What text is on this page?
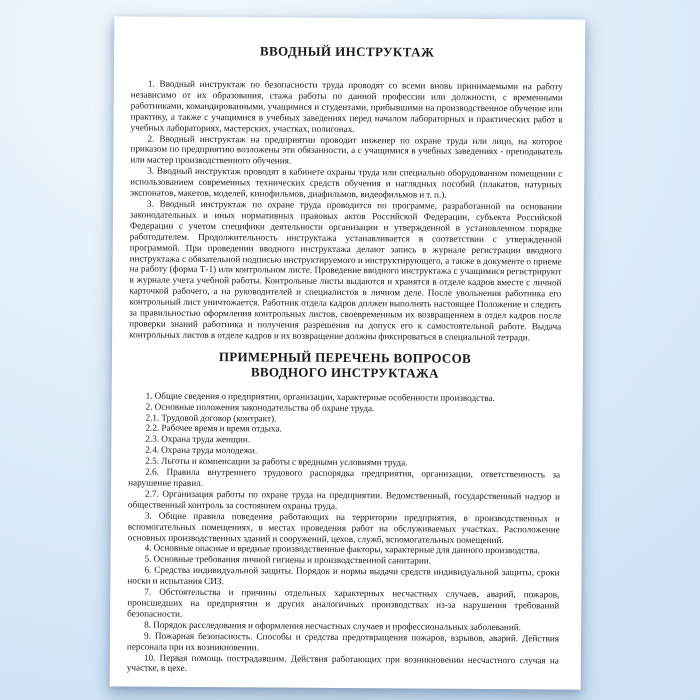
ВВОДНЫЙ ИНСТРУКТАЖ

1. Вводный инструктаж по безопасности труда проводят со всеми вновь принимаемыми на работу независимо от их образования, стажа работы по данной профессии или должности, с временными работниками, командированными, учащимися и студентами, прибывшими на производственное обучение или практику, а также с учащимися в учебных заведениях перед началом лабораторных и практических работ в учебных лабораториях, мастерских, участках, полигонах.

2. Вводный инструктаж на предприятии проводит инженер по охране труда или лицо, на которое приказом по предприятию возложены эти обязанности, а с учащимися в учебных заведениях - преподаватель или мастер производственного обучения.

3. Вводный инструктаж проводят в кабинете охраны труда или специально оборудованном помещении с использованием современных технических средств обучения и наглядных пособий (плакатов, натурных экспонатов, макетов, моделей, кинофильмов, диафильмов, видеофильмов и т. п.).

3. Вводный инструктаж по охране труда проводится по программе, разработанной на основании законодательных и иных нормативных правовых актов Российской Федерации, субъекта Российской Федерации с учетом специфики деятельности организации и утвержденной в установленном порядке работодателем. Продолжительность инструктажа устанавливается в соответствии с утвержденной программой. При проведении вводного инструктажа делают запись в журнале регистрации вводного инструктажа с обязательной подписью инструктируемого и инструктирующего, а также в документе о приеме на работу (форма Т-1) или контрольном листе. Проведение вводного инструктажа с учащимися регистрируют в журнале учета учебной работы. Контрольные листы выдаются и хранятся в отделе кадров вместе с личной карточкой рабочего, а на руководителей и специалистов в личном деле. После увольнения работника его контрольный лист уничтожается. Работник отдела кадров должен выполнять настоящее Положение и следить за правильностью оформления контрольных листов, своевременным их возвращением в отдел кадров после проверки знаний работника и получения разрешения на допуск его к самостоятельной работе. Выдача контрольных листов в отделе кадров и их возвращение должны фиксироваться в специальной тетради.

ПРИМЕРНЫЙ ПЕРЕЧЕНЬ ВОПРОСОВ ВВОДНОГО ИНСТРУКТАЖА

1. Общие сведения о предприятии, организации, характерные особенности производства.

2. Основные положения законодательства об охране труда.

2.1. Трудовой договор (контракт).

2.2. Рабочее время и время отдыха.

2.3. Охрана труда женщин.

2.4. Охрана труда молодежи.

2.5. Льготы и компенсации за работы с вредными условиями труда.

2.6. Правила внутреннего трудового распорядка предприятия, организации, ответственность за нарушение правил.

2.7. Организация работы по охране труда на предприятии. Ведомственный, государственный надзор и общественный контроль за состоянием охраны труда.

3. Общие правила поведения работающих на территории предприятия, в производственных и вспомогательных помещениях, в местах проведения работ на обслуживаемых участках. Расположение основных производственных зданий и сооружений, цехов, служб, вспомогательных помещений.

4. Основные опасные и вредные производственные факторы, характерные для данного производства.

5. Основные требования личной гигиены и производственной санитарии.

6. Средства индивидуальной защиты. Порядок и нормы выдачи средств индивидуальной защиты, сроки носки и испытания СИЗ.

7. Обстоятельства и причины отдельных характерных несчастных случаев, аварий, пожаров, происшедших на предприятии и других аналогичных производствах из-за нарушения требований безопасности.

8. Порядок расследования и оформления несчастных случаев и профессиональных заболеваний.

9. Пожарная безопасность. Способы и средства предотвращения пожаров, взрывов, аварий. Действия персонала при их возникновении.

10. Первая помощь пострадавшим. Действия работающих при возникновении несчастного случая на участке, в цехе.
